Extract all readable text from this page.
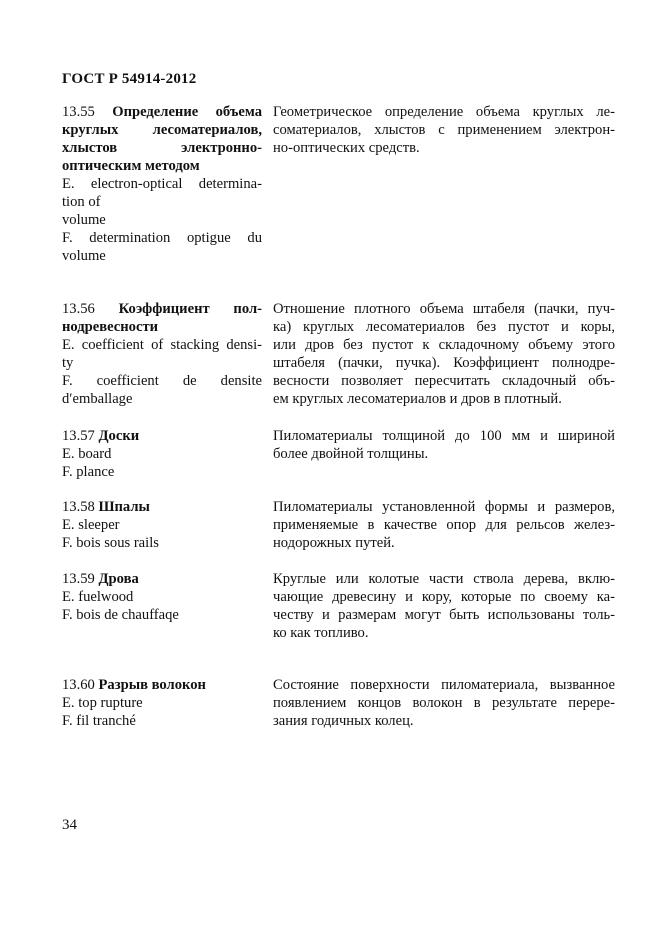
ГОСТ Р 54914-2012
13.55 Определение объема
круглых лесоматериалов,
хлыстов электронно-
оптическим методом
E. electron-optical determina-
tion of
volume
F. determination optigue du
volume
Геометрическое определение объема круглых ле-
соматериалов, хлыстов с применением электрон-
но-оптических средств.
13.56 Коэффициент пол-
нодревесности
E. coefficient of stacking densi-
ty
F. coefficient de densite
d′emballage
Отношение плотного объема штабеля (пачки, пуч-
ка) круглых лесоматериалов без пустот и коры,
или дров без пустот к складочному объему этого
штабеля (пачки, пучка). Коэффициент полнодре-
весности позволяет пересчитать складочный объ-
ем круглых лесоматериалов и дров в плотный.
13.57 Доски
E. board
F. plance
Пиломатериалы толщиной до 100 мм и шириной
более двойной толщины.
13.58 Шпалы
E. sleeper
F. bois sous rails
Пиломатериалы установленной формы и размеров,
применяемые в качестве опор для рельсов желез-
нодорожных путей.
13.59 Дрова
E. fuelwood
F. bois de chauffaqe
Круглые или колотые части ствола дерева, вклю-
чающие древесину и кору, которые по своему ка-
честву и размерам могут быть использованы толь-
ко как топливо.
13.60 Разрыв волокон
E. top rupture
F. fil tranché
Состояние поверхности пиломатериала, вызванное
появлением концов волокон в результате перере-
зания годичных колец.
34
